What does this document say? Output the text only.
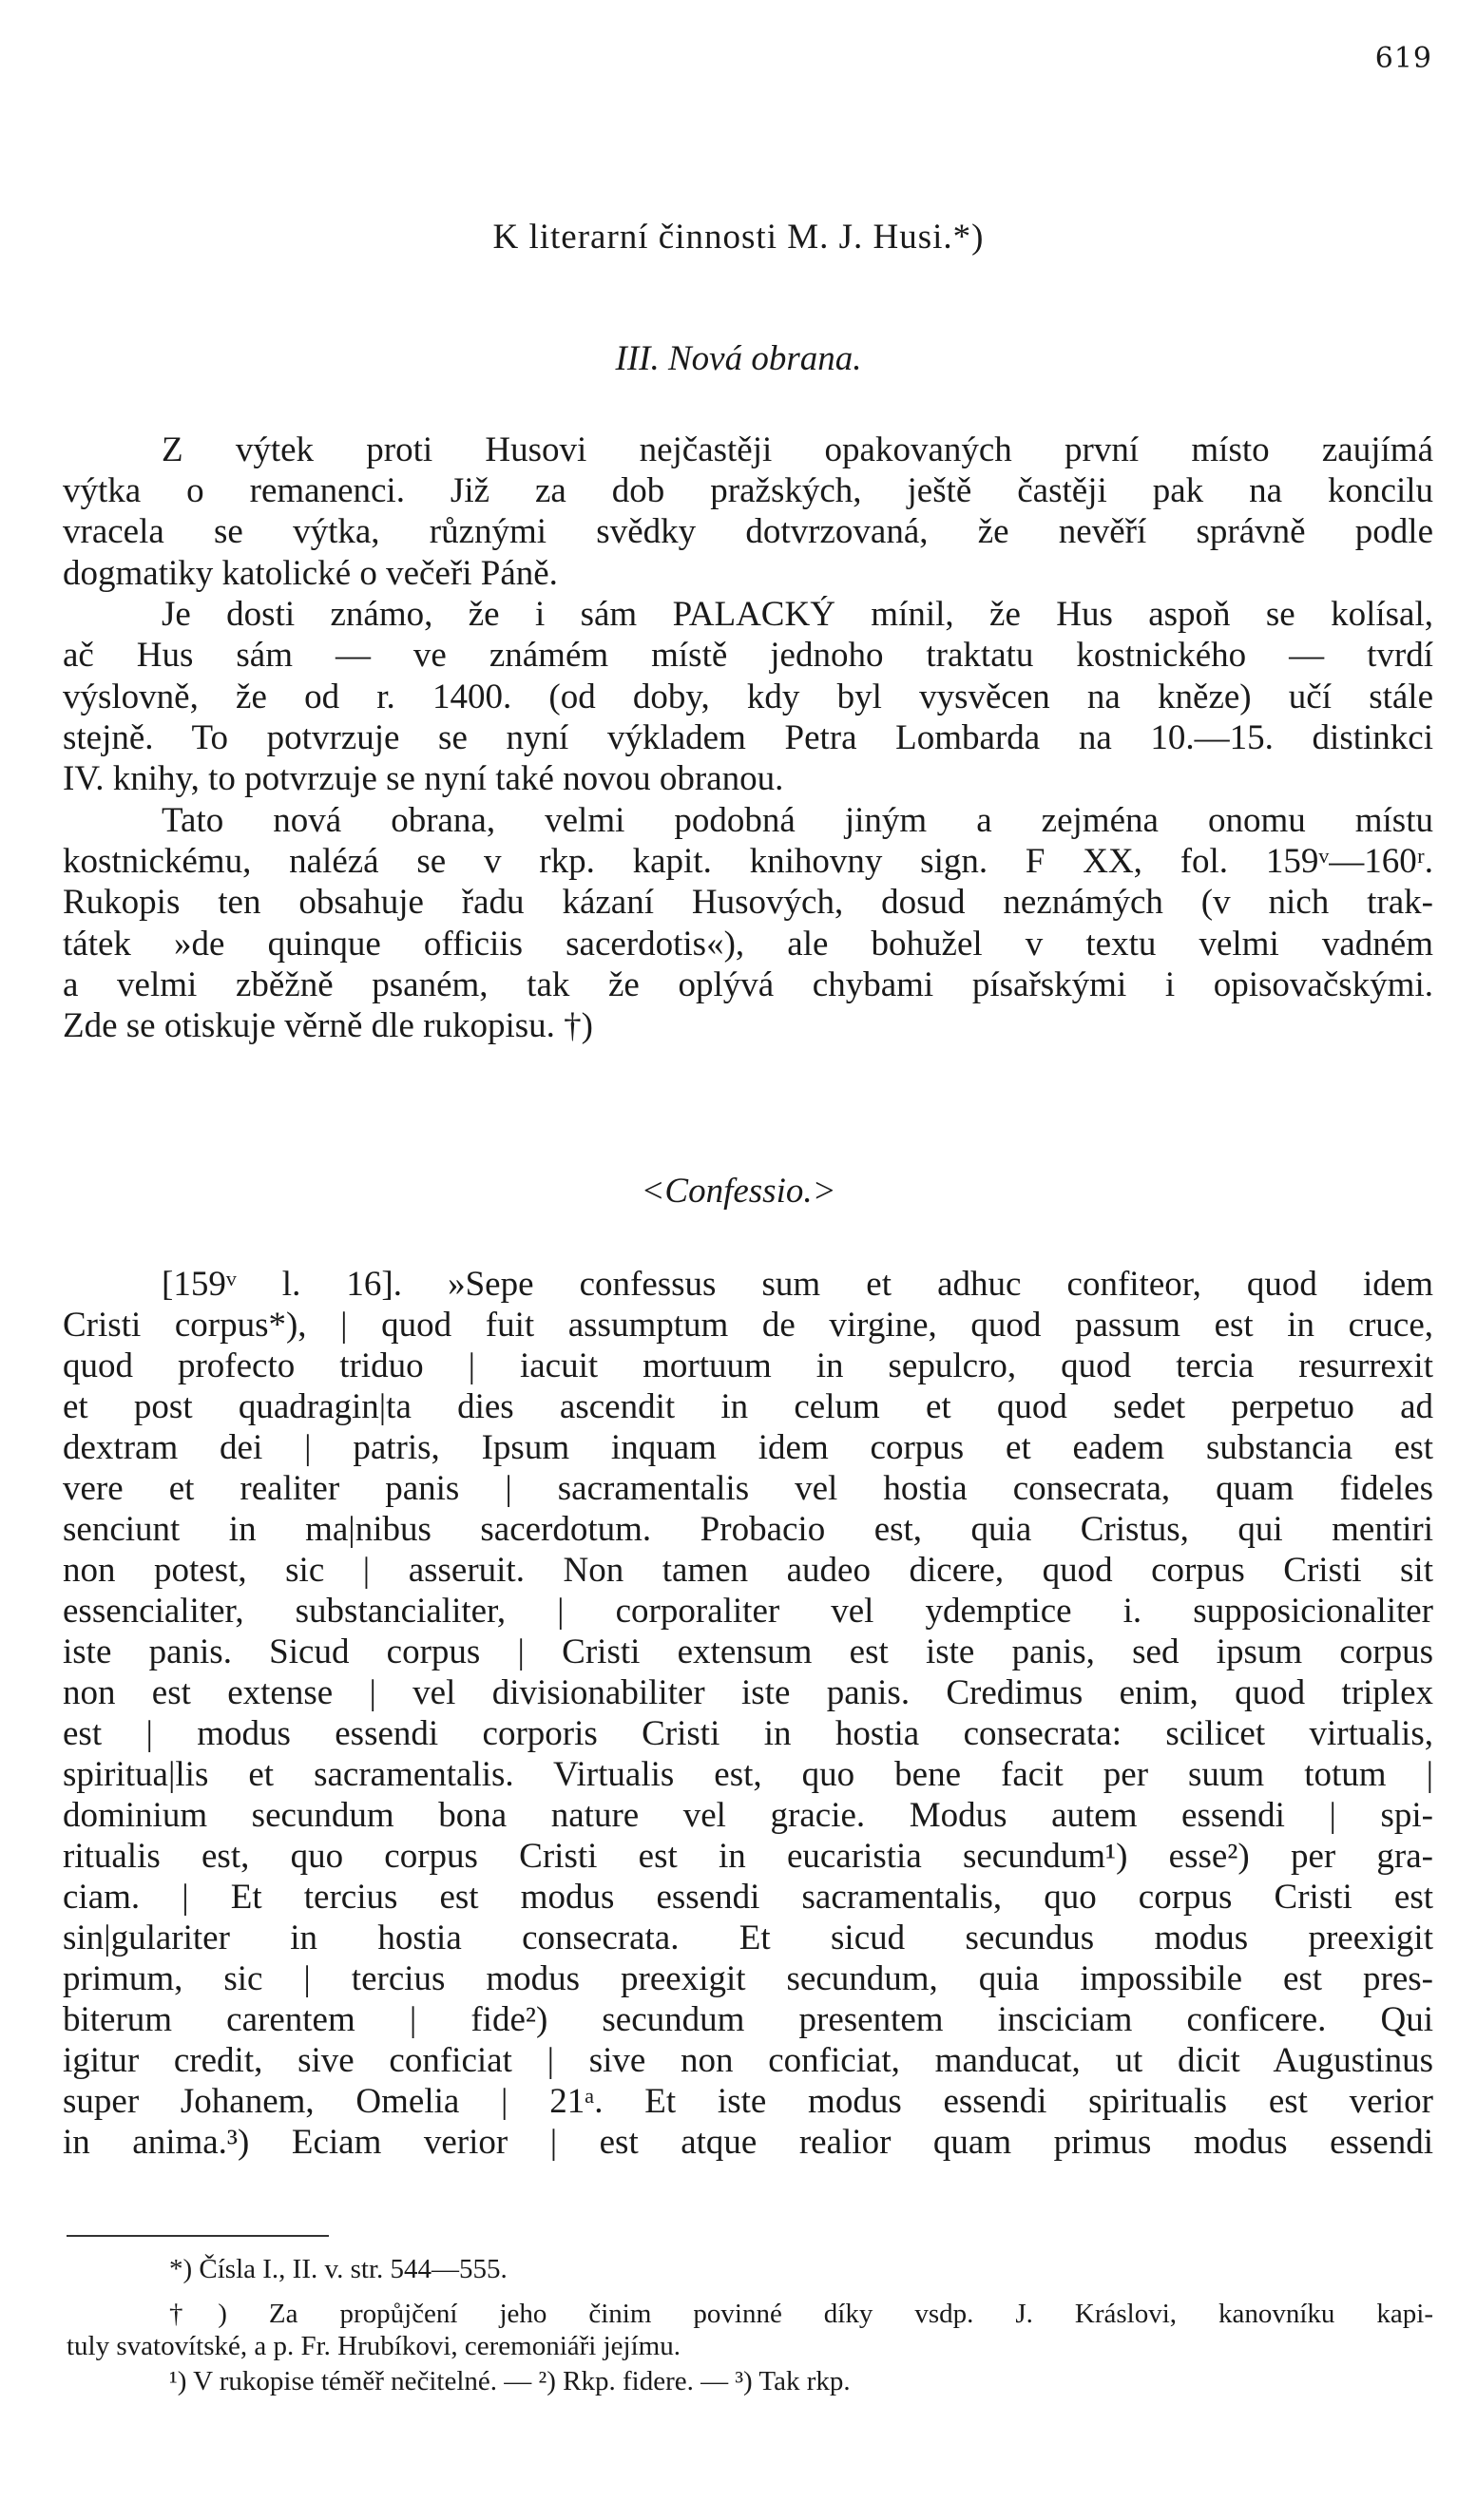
619
K literarní činnosti M. J. Husi.*)
III. Nová obrana.
Z výtek proti Husovi nejčastěji opakovaných první místo zaujímá
výtka o remanenci. Již za dob pražských, ještě častěji pak na koncilu
vracela se výtka, různými svědky dotvrzovaná, že nevěří správně podle
dogmatiky katolické o večeři Páně.
Je dosti známo, že i sám PALACKÝ mínil, že Hus aspoň se kolísal,
ač Hus sám — ve známém místě jednoho traktatu kostnického — tvrdí
výslovně, že od r. 1400. (od doby, kdy byl vysvěcen na kněze) učí stále
stejně. To potvrzuje se nyní výkladem Petra Lombarda na 10.—15. distinkci
IV. knihy, to potvrzuje se nyní také novou obranou.
Tato nová obrana, velmi podobná jiným a zejména onomu místu
kostnickému, nalézá se v rkp. kapit. knihovny sign. F XX, fol. 159ᵛ—160ʳ.
Rukopis ten obsahuje řadu kázaní Husových, dosud neznámých (v nich trak-
tátek »de quinque officiis sacerdotis«), ale bohužel v textu velmi vadném
a velmi zběžně psaném, tak že oplývá chybami písařskými i opisovačskými.
Zde se otiskuje věrně dle rukopisu. †)
<Confessio.>
[159ᵛ l. 16]. »Sepe confessus sum et adhuc confiteor, quod idem
Cristi corpus*), | quod fuit assumptum de virgine, quod passum est in cruce,
quod profecto triduo | iacuit mortuum in sepulcro, quod tercia resurrexit
et post quadragin|ta dies ascendit in celum et quod sedet perpetuo ad
dextram dei | patris, Ipsum inquam idem corpus et eadem substancia est
vere et realiter panis | sacramentalis vel hostia consecrata, quam fideles
senciunt in ma|nibus sacerdotum. Probacio est, quia Cristus, qui mentiri
non potest, sic | asseruit. Non tamen audeo dicere, quod corpus Cristi sit
essencialiter, substancialiter, | corporaliter vel ydemptice i. supposicionaliter
iste panis. Sicud corpus | Cristi extensum est iste panis, sed ipsum corpus
non est extense | vel divisionabiliter iste panis. Credimus enim, quod triplex
est | modus essendi corporis Cristi in hostia consecrata: scilicet virtualis,
spiritua|lis et sacramentalis. Virtualis est, quo bene facit per suum totum |
dominium secundum bona nature vel gracie. Modus autem essendi | spi-
ritualis est, quo corpus Cristi est in eucaristia secundum¹) esse²) per gra-
ciam. | Et tercius est modus essendi sacramentalis, quo corpus Cristi est
sin|gulariter in hostia consecrata. Et sicud secundus modus preexigit
primum, sic | tercius modus preexigit secundum, quia impossibile est pres-
biterum carentem | fide²) secundum presentem insciciam conficere. Qui
igitur credit, sive conficiat | sive non conficiat, manducat, ut dicit Augustinus
super Johanem, Omelia | 21ᵃ. Et iste modus essendi spiritualis est verior
in anima.³) Eciam verior | est atque realior quam primus modus essendi
*) Čísla I., II. v. str. 544—555.
†) Za propůjčení jeho činim povinné díky vsdp. J. Kráslovi, kanovníku kapi-
tuly svatovítské, a p. Fr. Hrubíkovi, ceremoniáři jejímu.
¹) V rukopise téměř nečitelné. — ²) Rkp. fidere. — ³) Tak rkp.
